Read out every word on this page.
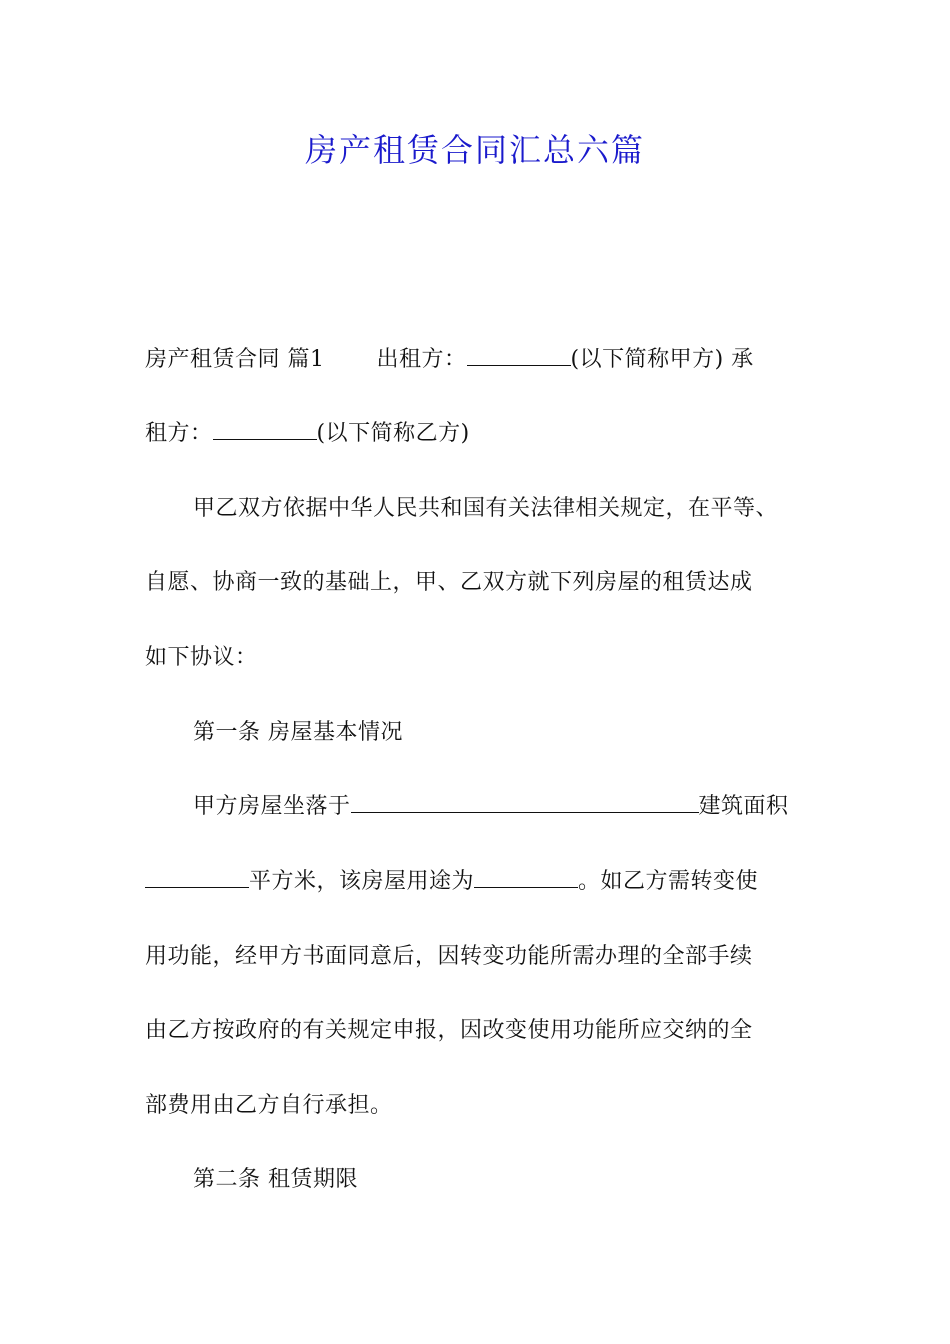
房产租赁合同汇总六篇
房产租赁合同 篇1 出租方：	(以下简称甲方) 承
租方：	(以下简称乙方)
甲乙双方依据中华人民共和国有关法律相关规定，在平等、
自愿、协商一致的基础上，甲、乙双方就下列房屋的租赁达成
如下协议：
第一条 房屋基本情况
甲方房屋坐落于	建筑面积
平方米，该房屋用途为	。如乙方需转变使
用功能，经甲方书面同意后，因转变功能所需办理的全部手续
由乙方按政府的有关规定申报，因改变使用功能所应交纳的全
部费用由乙方自行承担。
第二条 租赁期限
